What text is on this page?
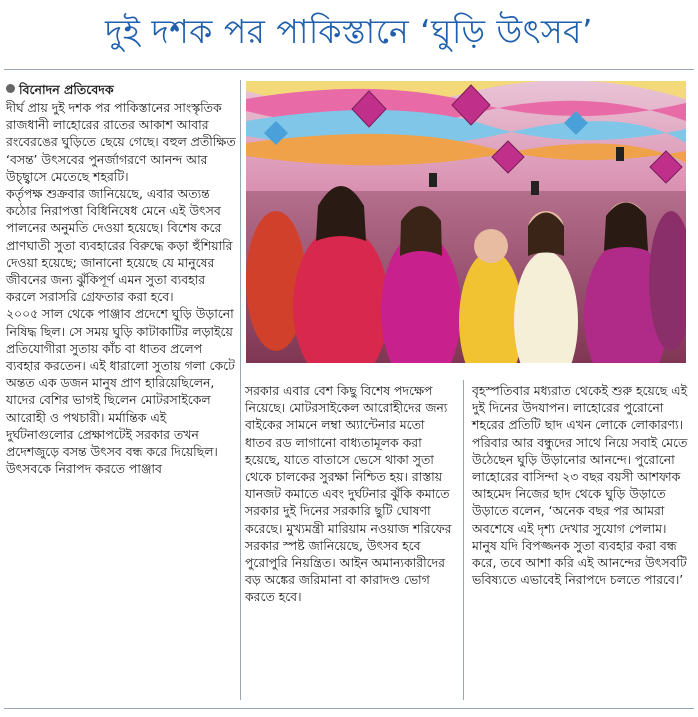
দুই দশক পর পাকিস্তানে ‘ঘুড়ি উৎসব’
বিনোদন প্রতিবেদক

দীর্ঘ প্রায় দুই দশক পর পাকিস্তানের সাংস্কৃতিক রাজধানী লাহোরের রাতের আকাশ আবার রংবেরঙের ঘুড়িতে ছেয়ে গেছে। বহুল প্রতীক্ষিত ‘বসন্ত’ উৎসবের পুনর্জাগরণে আনন্দ আর উচ্ছ্বাসে মেতেছে শহরটি।

কর্তৃপক্ষ শুক্রবার জানিয়েছে, এবার অত্যন্ত কঠোর নিরাপত্তা বিধিনিষেধ মেনে এই উৎসব পালনের অনুমতি দেওয়া হয়েছে। বিশেষ করে প্রাণঘাতী সুতা ব্যবহারের বিরুদ্ধে কড়া হুঁশিয়ারি দেওয়া হয়েছে; জানানো হয়েছে যে মানুষের জীবনের জন্য ঝুঁকিপূর্ণ এমন সুতা ব্যবহার করলে সরাসরি গ্রেফতার করা হবে।

২০০৫ সাল থেকে পাঞ্জাব প্রদেশে ঘুড়ি উড়ানো নিষিদ্ধ ছিল। সে সময় ঘুড়ি কাটাকাটির লড়াইয়ে প্রতিযোগীরা সুতায় কাঁচ বা ধাতব প্রলেপ ব্যবহার করতেন। এই ধারালো সুতায় গলা কেটে অন্তত এক ডজন মানুষ প্রাণ হারিয়েছিলেন, যাদের বেশির ভাগই ছিলেন মোটরসাইকেল আরোহী ও পথচারী। মর্মান্তিক এই দুর্ঘটনাগুলোর প্রেক্ষাপটেই সরকার তখন প্রদেশজুড়ে বসন্ত উৎসব বন্ধ করে দিয়েছিল।

উৎসবকে নিরাপদ করতে পাঞ্জাব

সরকার এবার বেশ কিছু বিশেষ পদক্ষেপ নিয়েছে। মোটরসাইকেল আরোহীদের জন্য বাইকের সামনে লম্বা অ্যান্টেনার মতো ধাতব রড লাগানো বাধ্যতামূলক করা হয়েছে, যাতে বাতাসে ভেসে থাকা সুতা থেকে চালকের সুরক্ষা নিশ্চিত হয়। রাস্তায় যানজট কমাতে এবং দুর্ঘটনার ঝুঁকি কমাতে সরকার দুই দিনের সরকারি ছুটি ঘোষণা করেছে। মুখ্যমন্ত্রী মারিয়াম নওয়াজ শরিফের সরকার স্পষ্ট জানিয়েছে, উৎসব হবে পুরোপুরি নিয়ন্ত্রিত। আইন অমান্যকারীদের বড় অঙ্কের জরিমানা বা কারাদণ্ড ভোগ করতে হবে।

বৃহস্পতিবার মধ্যরাত থেকেই শুরু হয়েছে এই দুই দিনের উদযাপন। লাহোরের পুরোনো শহরের প্রতিটি ছাদ এখন লোকে লোকারণ্য। পরিবার আর বন্ধুদের সাথে নিয়ে সবাই মেতে উঠেছেন ঘুড়ি উড়ানোর আনন্দে। পুরোনো লাহোরের বাসিন্দা ২৩ বছর বয়সী আশফাক আহমেদ নিজের ছাদ থেকে ঘুড়ি উড়াতে উড়াতে বলেন, ‘অনেক বছর পর আমরা অবশেষে এই দৃশ্য দেখার সুযোগ পেলাম। মানুষ যদি বিপজ্জনক সুতা ব্যবহার করা বন্ধ করে, তবে আশা করি এই আনন্দের উৎসবটি ভবিষ্যতে এভাবেই নিরাপদে চলতে পারবে।’
